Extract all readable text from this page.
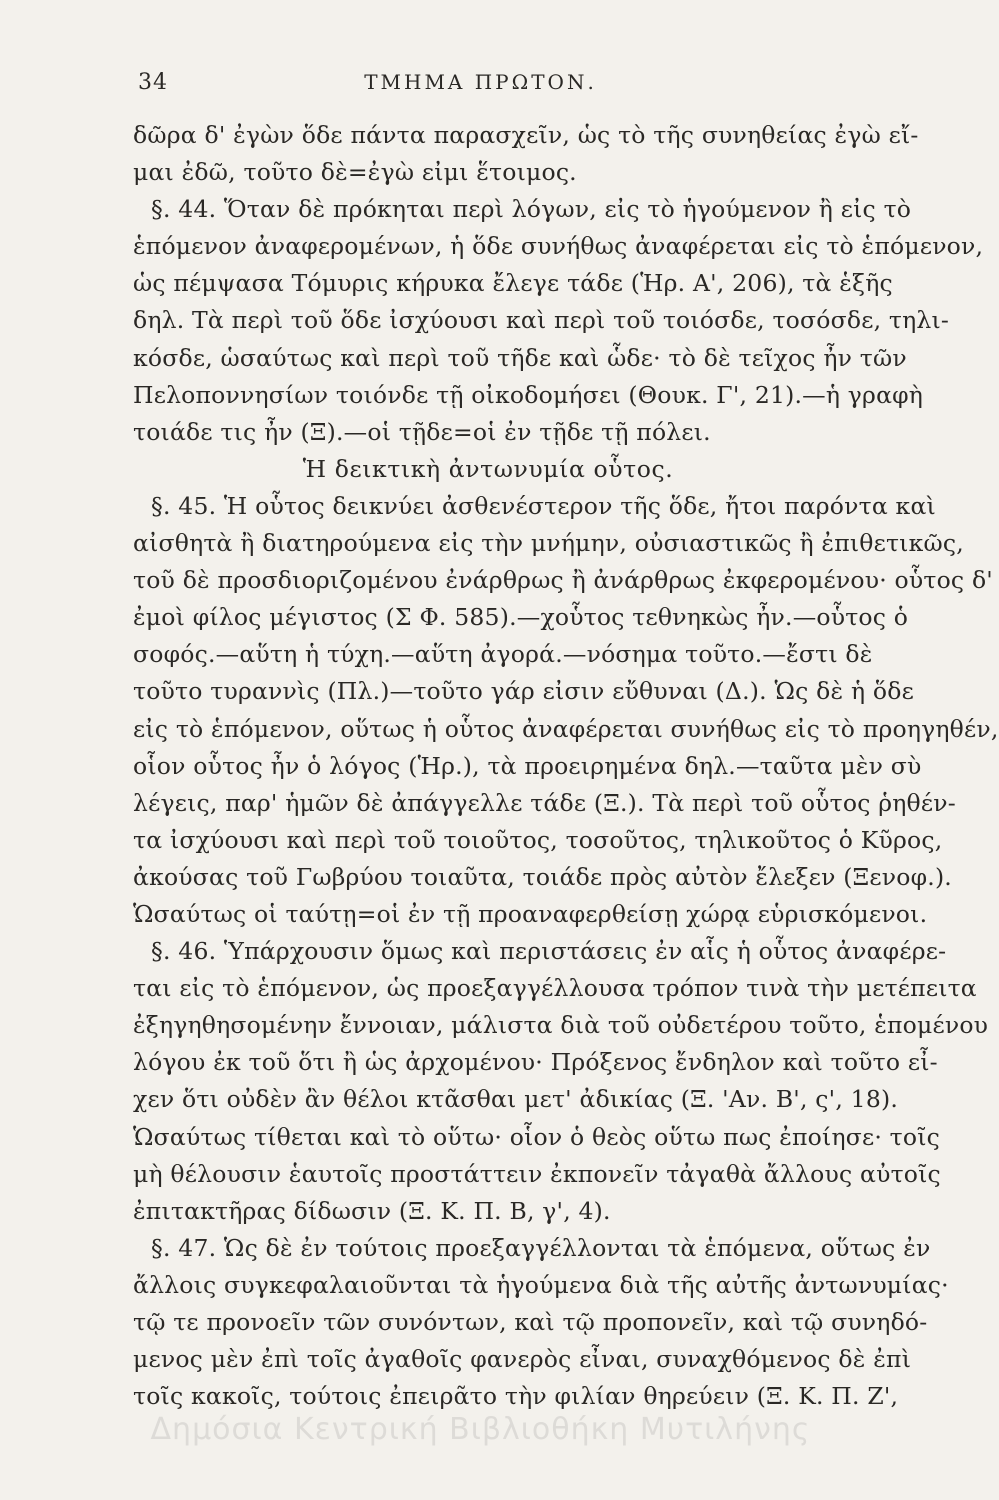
34	ΤΜΗΜΑ ΠΡΩΤΟΝ.
δῶρα δ' ἐγὼν ὅδε πάντα παρασχεῖν, ὡς τὸ τῆς συνηθείας ἐγὼ εἴ-
μαι ἐδῶ, τοῦτο δὲ=ἐγὼ εἰμι ἕτοιμος.
§. 44. Ὅταν δὲ πρόκηται περὶ λόγων, εἰς τὸ ἡγούμενον ἢ εἰς τὸ
ἑπόμενον ἀναφερομένων, ἡ ὅδε συνήθως ἀναφέρεται εἰς τὸ ἑπόμενον,
ὡς πέμψασα Τόμυρις κήρυκα ἔλεγε τάδε (Ἡρ. Α', 206), τὰ ἑξῆς
δηλ. Τὰ περὶ τοῦ ὅδε ἰσχύουσι καὶ περὶ τοῦ τοιόσδε, τοσόσδε, τηλι-
κόσδε, ὡσαύτως καὶ περὶ τοῦ τῆδε καὶ ὧδε· τὸ δὲ τεῖχος ἦν τῶν
Πελοποννησίων τοιόνδε τῇ οἰκοδομήσει (Θουκ. Γ', 21).—ἡ γραφὴ
τοιάδε τις ἦν (Ξ).—οἱ τῇδε=οἱ ἐν τῇδε τῇ πόλει.
Ἡ δεικτικὴ ἀντωνυμία οὗτος.
§. 45. Ἡ οὗτος δεικνύει ἀσθενέστερον τῆς ὅδε, ἤτοι παρόντα καὶ
αἰσθητὰ ἢ διατηρούμενα εἰς τὴν μνήμην, οὐσιαστικῶς ἢ ἐπιθετικῶς,
τοῦ δὲ προσδιοριζομένου ἐνάρθρως ἢ ἀνάρθρως ἐκφερομένου· οὗτος δ'
ἐμοὶ φίλος μέγιστος (Σ Φ. 585).—χοὗτος τεθνηκὼς ἦν.—οὗτος ὁ
σοφός.—αὕτη ἡ τύχη.—αὕτη ἀγορά.—νόσημα τοῦτο.—ἔστι δὲ
τοῦτο τυραννὶς (Πλ.)—τοῦτο γάρ εἰσιν εὔθυναι (Δ.). Ὡς δὲ ἡ ὅδε
εἰς τὸ ἑπόμενον, οὕτως ἡ οὗτος ἀναφέρεται συνήθως εἰς τὸ προηγηθέν,
οἷον οὗτος ἦν ὁ λόγος (Ἡρ.), τὰ προειρημένα δηλ.—ταῦτα μὲν σὺ
λέγεις, παρ' ἡμῶν δὲ ἀπάγγελλε τάδε (Ξ.). Τὰ περὶ τοῦ οὗτος ῥηθέν-
τα ἰσχύουσι καὶ περὶ τοῦ τοιοῦτος, τοσοῦτος, τηλικοῦτος ὁ Κῦρος,
ἀκούσας τοῦ Γωβρύου τοιαῦτα, τοιάδε πρὸς αὐτὸν ἔλεξεν (Ξενοφ.).
Ὡσαύτως οἱ ταύτῃ=οἱ ἐν τῇ προαναφερθείσῃ χώρᾳ εὑρισκόμενοι.
§. 46. Ὑπάρχουσιν ὅμως καὶ περιστάσεις ἐν αἷς ἡ οὗτος ἀναφέρε-
ται εἰς τὸ ἑπόμενον, ὡς προεξαγγέλλουσα τρόπον τινὰ τὴν μετέπειτα
ἐξηγηθησομένην ἔννοιαν, μάλιστα διὰ τοῦ οὐδετέρου τοῦτο, ἑπομένου
λόγου ἐκ τοῦ ὅτι ἢ ὡς ἀρχομένου· Πρόξενος ἔνδηλον καὶ τοῦτο εἶ-
χεν ὅτι οὐδὲν ἂν θέλοι κτᾶσθαι μετ' ἀδικίας (Ξ. 'Αν. Β', ς', 18).
Ὡσαύτως τίθεται καὶ τὸ οὕτω· οἷον ὁ θεὸς οὕτω πως ἐποίησε· τοῖς
μὴ θέλουσιν ἑαυτοῖς προστάττειν ἐκπονεῖν τἀγαθὰ ἄλλους αὐτοῖς
ἐπιτακτῆρας δίδωσιν (Ξ. Κ. Π. Β, γ', 4).
§. 47. Ὡς δὲ ἐν τούτοις προεξαγγέλλονται τὰ ἑπόμενα, οὕτως ἐν
ἄλλοις συγκεφαλαιοῦνται τὰ ἡγούμενα διὰ τῆς αὐτῆς ἀντωνυμίας·
τῷ τε προνοεῖν τῶν συνόντων, καὶ τῷ προπονεῖν, καὶ τῷ συνηδό-
μενος μὲν ἐπὶ τοῖς ἀγαθοῖς φανερὸς εἶναι, συναχθόμενος δὲ ἐπὶ
τοῖς κακοῖς, τούτοις ἐπειρᾶτο τὴν φιλίαν θηρεύειν (Ξ. Κ. Π. Ζ',
Δημόσια Κεντρική Βιβλιοθήκη Μυτιλήνης
